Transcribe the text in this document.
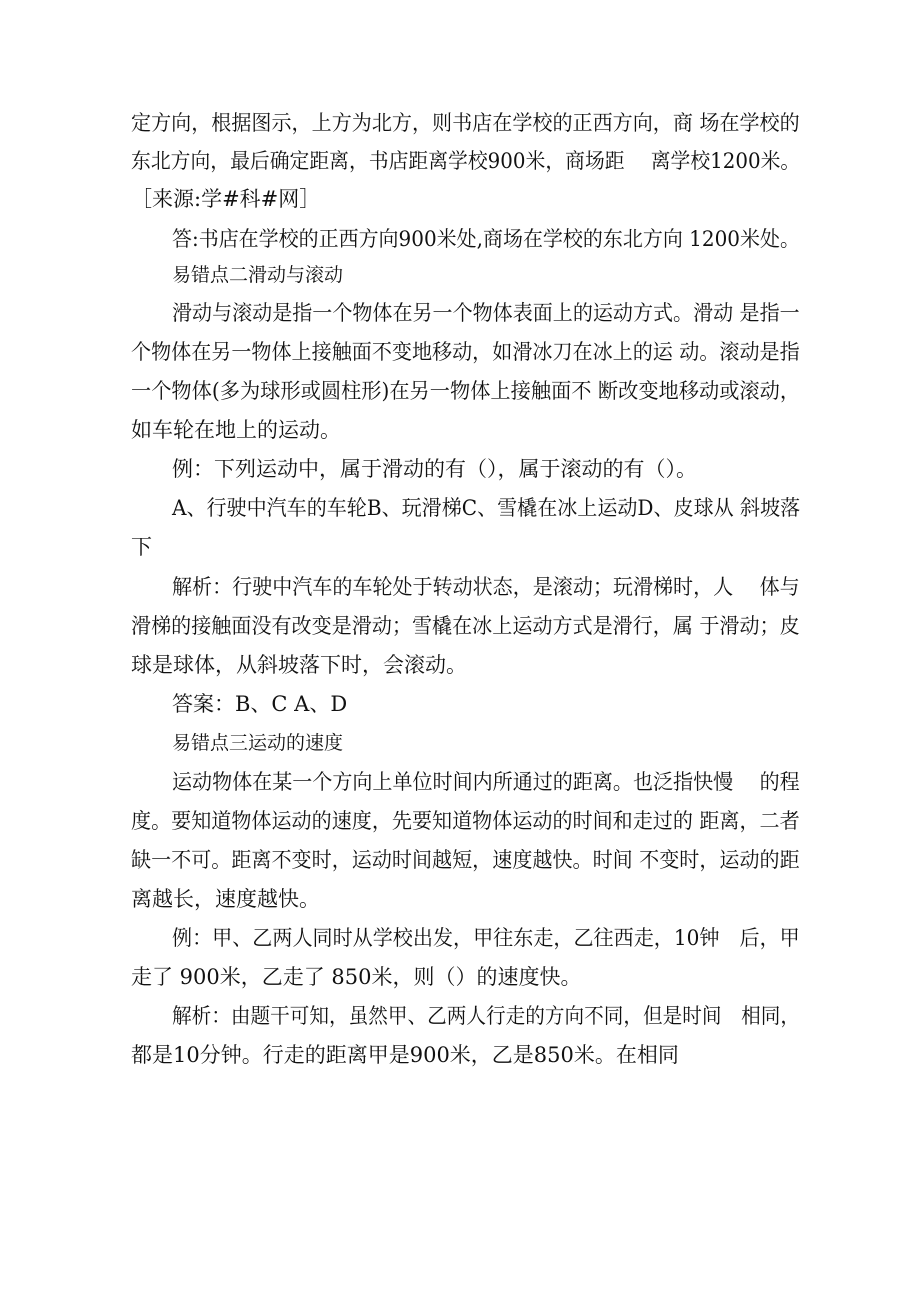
定方向，根据图示，上方为北方，则书店在学校的正西方向，商 场在学校的
东北方向，最后确定距离，书店距离学校900米，商场距　 离学校1200米。
［来源:学#科#网］
答:书店在学校的正西方向900米处,商场在学校的东北方向 1200米处。
易错点二滑动与滚动
滑动与滚动是指一个物体在另一个物体表面上的运动方式。滑动 是指一
个物体在另一物体上接触面不变地移动，如滑冰刀在冰上的运 动。滚动是指
一个物体(多为球形或圆柱形)在另一物体上接触面不 断改变地移动或滚动，
如车轮在地上的运动。
例：下列运动中，属于滑动的有（），属于滚动的有（）。
A、行驶中汽车的车轮B、玩滑梯C、雪橇在冰上运动D、皮球从 斜坡落
下
解析：行驶中汽车的车轮处于转动状态，是滚动；玩滑梯时，人　 体与
滑梯的接触面没有改变是滑动；雪橇在冰上运动方式是滑行，属 于滑动；皮
球是球体，从斜坡落下时，会滚动。
答案：B、C A、D
易错点三运动的速度
运动物体在某一个方向上单位时间内所通过的距离。也泛指快慢　 的程
度。要知道物体运动的速度，先要知道物体运动的时间和走过的 距离，二者
缺一不可。距离不变时，运动时间越短，速度越快。时间 不变时，运动的距
离越长，速度越快。
例：甲、乙两人同时从学校出发，甲往东走，乙往西走，10钟　后，甲
走了 900米，乙走了 850米，则（）的速度快。
解析：由题干可知，虽然甲、乙两人行走的方向不同，但是时间　相同，
都是10分钟。行走的距离甲是900米，乙是850米。在相同
